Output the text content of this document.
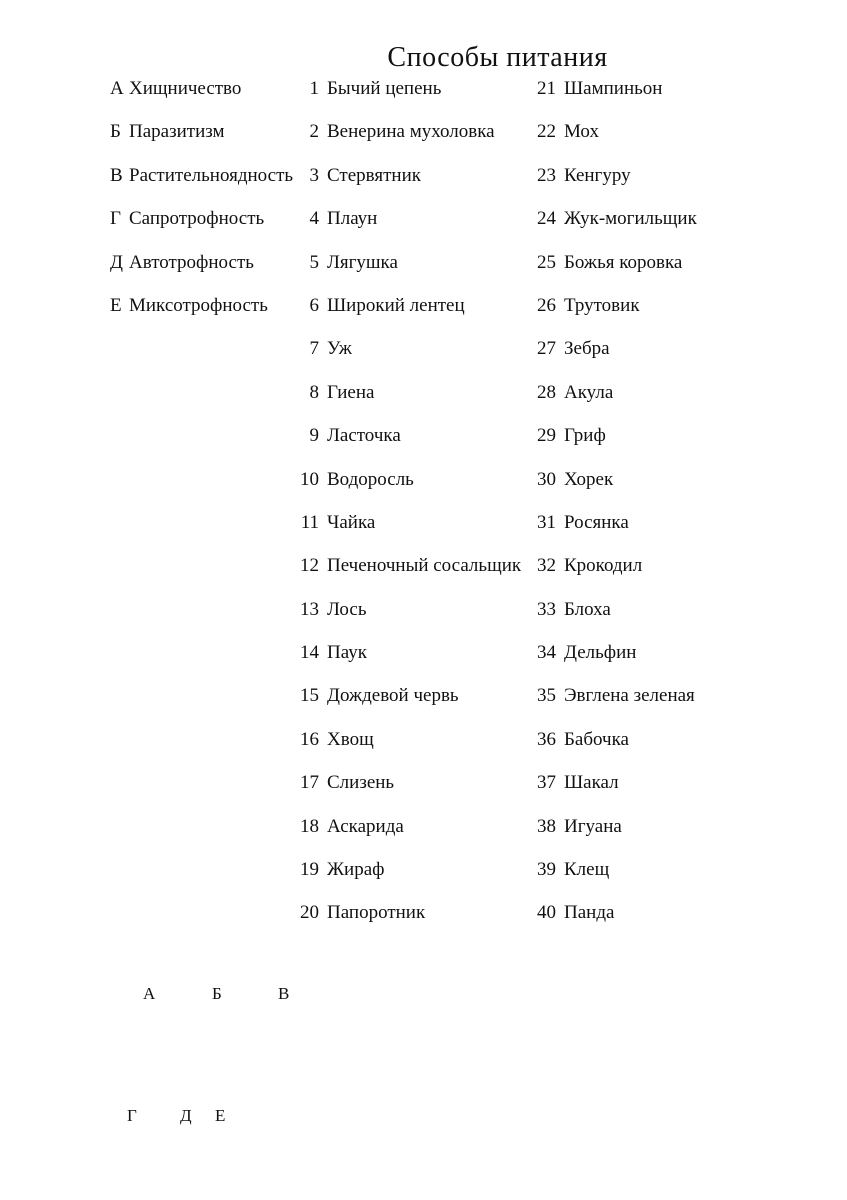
Способы питания
А Хищничество
Б Паразитизм
В Растительноядность
Г Сапротрофность
Д Автотрофность
Е Миксотрофность
1 Бычий цепень
2 Венерина мухоловка
3 Стервятник
4 Плаун
5 Лягушка
6 Широкий лентец
7 Уж
8 Гиена
9 Ласточка
10 Водоросль
11 Чайка
12 Печеночный сосальщик
13 Лось
14 Паук
15 Дождевой червь
16 Хвощ
17 Слизень
18 Аскарида
19 Жираф
20 Папоротник
21 Шампиньон
22 Мох
23 Кенгуру
24 Жук-могильщик
25 Божья коровка
26 Трутовик
27 Зебра
28 Акула
29 Гриф
30 Хорек
31 Росянка
32 Крокодил
33 Блоха
34 Дельфин
35 Эвглена зеленая
36 Бабочка
37 Шакал
38 Игуана
39 Клещ
40 Панда
А	Б	В
Г	Д Е
